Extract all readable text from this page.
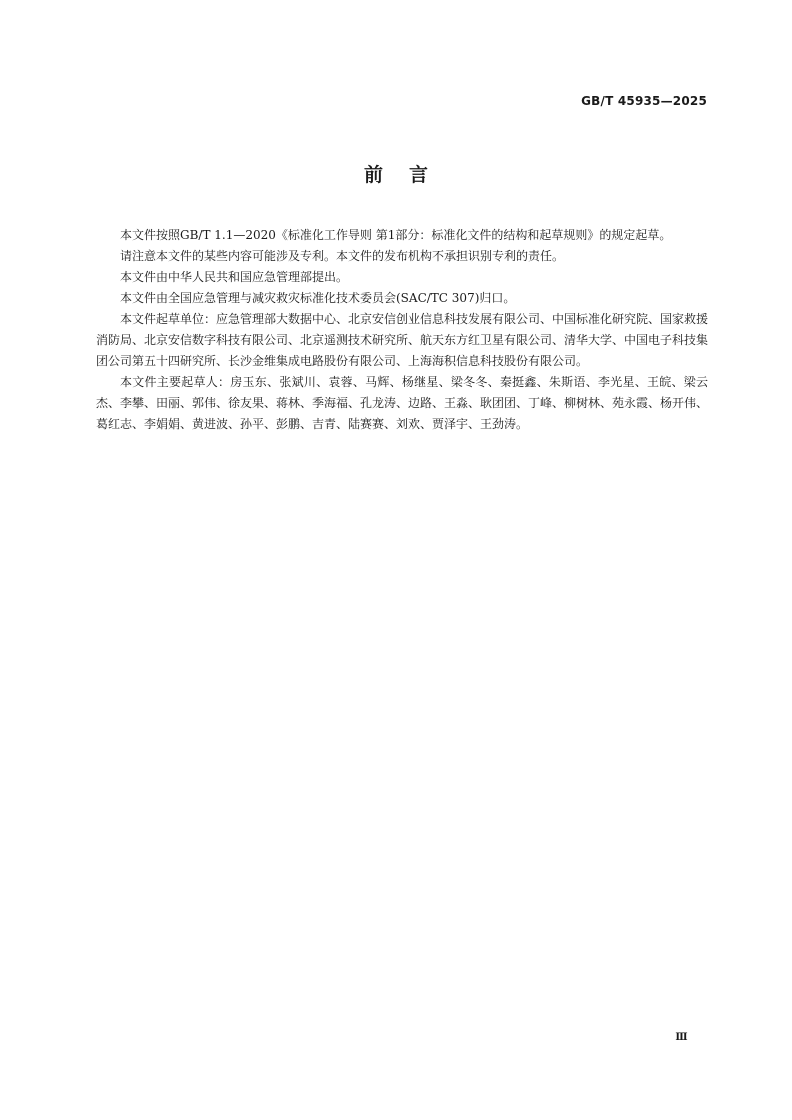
GB/T 45935—2025
前言

本文件按照GB/T 1.1—2020《标准化工作导则 第1部分：标准化文件的结构和起草规则》的规定起草。

请注意本文件的某些内容可能涉及专利。本文件的发布机构不承担识别专利的责任。

本文件由中华人民共和国应急管理部提出。

本文件由全国应急管理与减灾救灾标准化技术委员会(SAC/TC 307)归口。

本文件起草单位：应急管理部大数据中心、北京安信创业信息科技发展有限公司、中国标准化研究院、国家救援消防局、北京安信数字科技有限公司、北京遥测技术研究所、航天东方红卫星有限公司、清华大学、中国电子科技集团公司第五十四研究所、长沙金维集成电路股份有限公司、上海海积信息科技股份有限公司。

本文件主要起草人：房玉东、张斌川、袁蓉、马辉、杨继星、梁冬冬、秦挺鑫、朱斯语、李光星、王皖、梁云杰、李攀、田丽、郭伟、徐友果、蒋林、季海福、孔龙涛、边路、王淼、耿团团、丁峰、柳树林、苑永霞、杨开伟、葛红志、李娟娟、黄进波、孙平、彭鹏、吉青、陆赛赛、刘欢、贾泽宇、王劲涛。

Ⅲ
